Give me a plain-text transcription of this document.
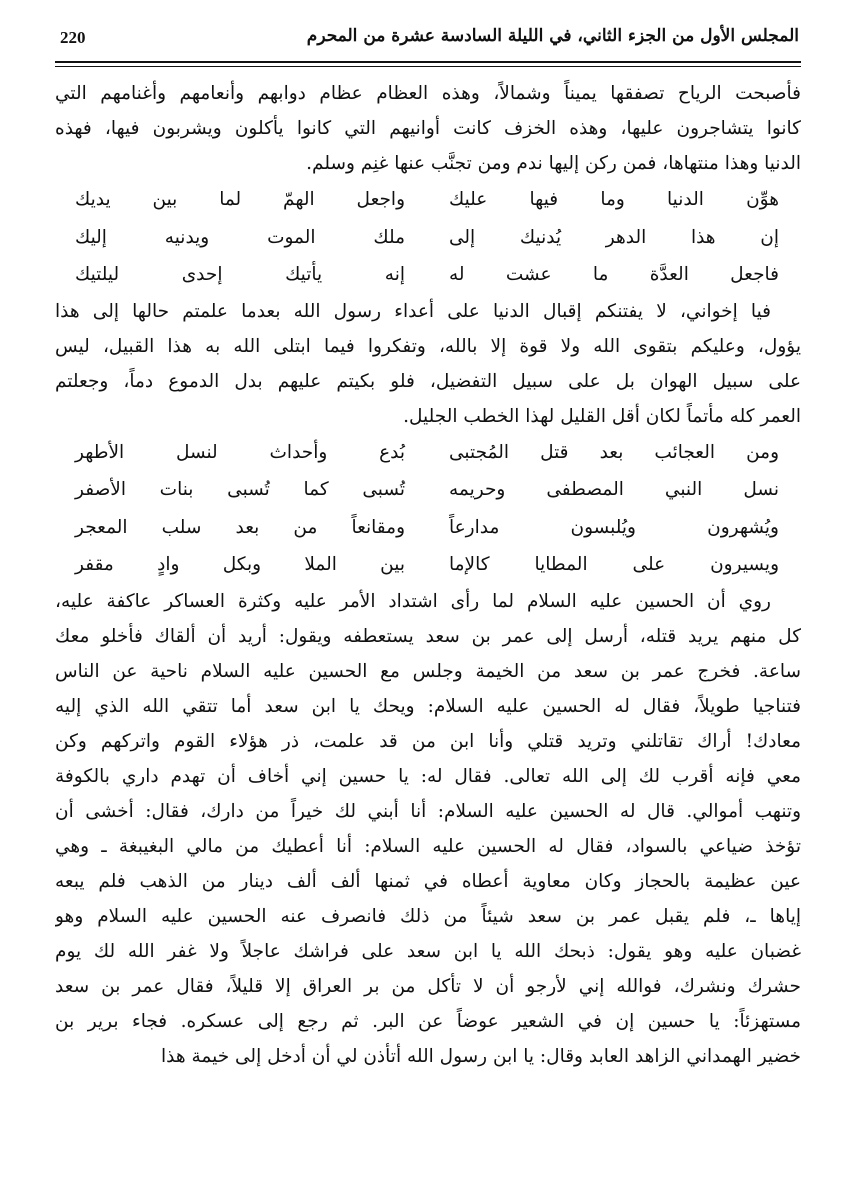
220	المجلس الأول من الجزء الثاني، في الليلة السادسة عشرة من المحرم
فأصبحت الرياح تصفقها يميناً وشمالاً، وهذه العظام عظام دوابهم وأنعامهم وأغنامهم التي
كانوا يتشاجرون عليها، وهذه الخزف كانت أوانيهم التي كانوا يأكلون ويشربون فيها، فهذه
الدنيا وهذا منتهاها، فمن ركن إليها ندم ومن تجنَّب عنها غنِم وسلم.
هوِّن الدنيا وما فيها عليك
واجعل الهمّ لما بين يديك
إن هذا الدهر يُدنيك إلى
ملك الموت ويدنيه إليك
فاجعل العدَّة ما عشت له
إنه يأتيك إحدى ليلتيك
فيا إخواني، لا يفتنكم إقبال الدنيا على أعداء رسول الله بعدما علمتم حالها إلى هذا
يؤول، وعليكم بتقوى الله ولا قوة إلا بالله، وتفكروا فيما ابتلى الله به هذا القبيل، ليس
على سبيل الهوان بل على سبيل التفضيل، فلو بكيتم عليهم بدل الدموع دماً، وجعلتم
العمر كله مأتماً لكان أقل القليل لهذا الخطب الجليل.
ومن العجائب بعد قتل المُجتبى
بُدع وأحداث لنسل الأطهر
نسل النبي المصطفى وحريمه
تُسبى كما تُسبى بنات الأصفر
ويُشهرون ويُلبسون مدارعاً
ومقانعاً من بعد سلب المعجر
ويسيرون على المطايا كالإما
بين الملا وبكل وادٍ مقفر
روي أن الحسين عليه السلام لما رأى اشتداد الأمر عليه وكثرة العساكر عاكفة عليه،
كل منهم يريد قتله، أرسل إلى عمر بن سعد يستعطفه ويقول: أريد أن ألقاك فأخلو معك
ساعة. فخرج عمر بن سعد من الخيمة وجلس مع الحسين عليه السلام ناحية عن الناس
فتناجيا طويلاً، فقال له الحسين عليه السلام: ويحك يا ابن سعد أما تتقي الله الذي إليه
معادك! أراك تقاتلني وتريد قتلي وأنا ابن من قد علمت، ذر هؤلاء القوم واتركهم وكن
معي فإنه أقرب لك إلى الله تعالى. فقال له: يا حسين إني أخاف أن تهدم داري بالكوفة
وتنهب أموالي. قال له الحسين عليه السلام: أنا أبني لك خيراً من دارك، فقال: أخشى أن
تؤخذ ضياعي بالسواد، فقال له الحسين عليه السلام: أنا أعطيك من مالي البغيبغة ـ وهي
عين عظيمة بالحجاز وكان معاوية أعطاه في ثمنها ألف ألف دينار من الذهب فلم يبعه
إياها ـ، فلم يقبل عمر بن سعد شيئاً من ذلك فانصرف عنه الحسين عليه السلام وهو
غضبان عليه وهو يقول: ذبحك الله يا ابن سعد على فراشك عاجلاً ولا غفر الله لك يوم
حشرك ونشرك، فوالله إني لأرجو أن لا تأكل من بر العراق إلا قليلاً، فقال عمر بن سعد
مستهزئاً: يا حسين إن في الشعير عوضاً عن البر. ثم رجع إلى عسكره. فجاء برير بن
خضير الهمداني الزاهد العابد وقال: يا ابن رسول الله أتأذن لي أن أدخل إلى خيمة هذا
